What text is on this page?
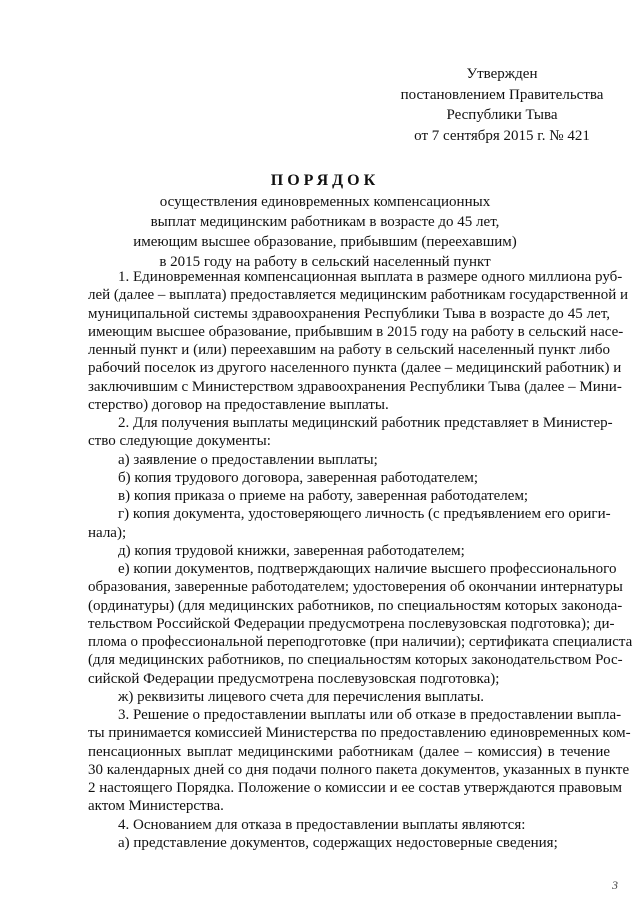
Утвержден
постановлением Правительства
Республики Тыва
от 7 сентября 2015 г. № 421
ПОРЯДОК
осуществления единовременных компенсационных
выплат медицинским работникам в возрасте до 45 лет,
имеющим высшее образование, прибывшим (переехавшим)
в 2015 году на работу в сельский населенный пункт
1. Единовременная компенсационная выплата в размере одного миллиона руб-
лей (далее – выплата) предоставляется медицинским работникам государственной и
муниципальной системы здравоохранения Республики Тыва в возрасте до 45 лет,
имеющим высшее образование, прибывшим в 2015 году на работу в сельский насе-
ленный пункт и (или) переехавшим на работу в сельский населенный пункт либо
рабочий поселок из другого населенного пункта (далее – медицинский работник) и
заключившим с Министерством здравоохранения Республики Тыва (далее – Мини-
стерство) договор на предоставление выплаты.
2. Для получения выплаты медицинский работник представляет в Министер-
ство следующие документы:
а) заявление о предоставлении выплаты;
б) копия трудового договора, заверенная работодателем;
в) копия приказа о приеме на работу, заверенная работодателем;
г) копия документа, удостоверяющего личность (с предъявлением его ориги-
нала);
д) копия трудовой книжки, заверенная работодателем;
е) копии документов, подтверждающих наличие высшего профессионального
образования, заверенные работодателем; удостоверения об окончании интернатуры
(ординатуры) (для медицинских работников, по специальностям которых законода-
тельством Российской Федерации предусмотрена послевузовская подготовка); ди-
плома о профессиональной переподготовке (при наличии); сертификата специалиста
(для медицинских работников, по специальностям которых законодательством Рос-
сийской Федерации предусмотрена послевузовская подготовка);
ж) реквизиты лицевого счета для перечисления выплаты.
3. Решение о предоставлении выплаты или об отказе в предоставлении выпла-
ты принимается комиссией Министерства по предоставлению единовременных ком-
пенсационных выплат медицинскими работникам (далее – комиссия) в течение
30 календарных дней со дня подачи полного пакета документов, указанных в пункте
2 настоящего Порядка. Положение о комиссии и ее состав утверждаются правовым
актом Министерства.
4. Основанием для отказа в предоставлении выплаты являются:
а) представление документов, содержащих недостоверные сведения;
3
